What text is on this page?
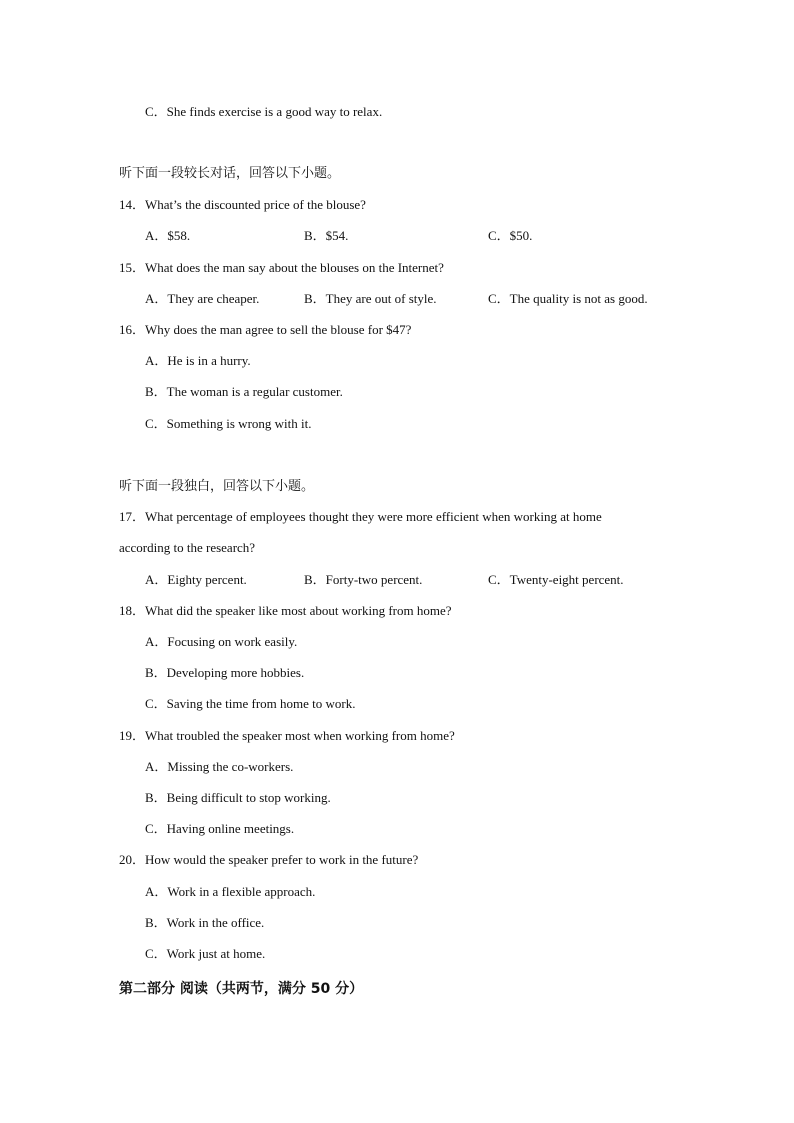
C．She finds exercise is a good way to relax.
听下面一段较长对话，回答以下小题。
14．What’s the discounted price of the blouse?
A．$58.	B．$54.	C．$50.
15．What does the man say about the blouses on the Internet?
A．They are cheaper.	B．They are out of style.	C．The quality is not as good.
16．Why does the man agree to sell the blouse for $47?
A．He is in a hurry.
B．The woman is a regular customer.
C．Something is wrong with it.
听下面一段独白，回答以下小题。
17．What percentage of employees thought they were more efficient when working at home
according to the research?
A．Eighty percent.	B．Forty-two percent.	C．Twenty-eight percent.
18．What did the speaker like most about working from home?
A．Focusing on work easily.
B．Developing more hobbies.
C．Saving the time from home to work.
19．What troubled the speaker most when working from home?
A．Missing the co-workers.
B．Being difficult to stop working.
C．Having online meetings.
20．How would the speaker prefer to work in the future?
A．Work in a flexible approach.
B．Work in the office.
C．Work just at home.
第二部分 阅读（共两节，满分 50 分）
